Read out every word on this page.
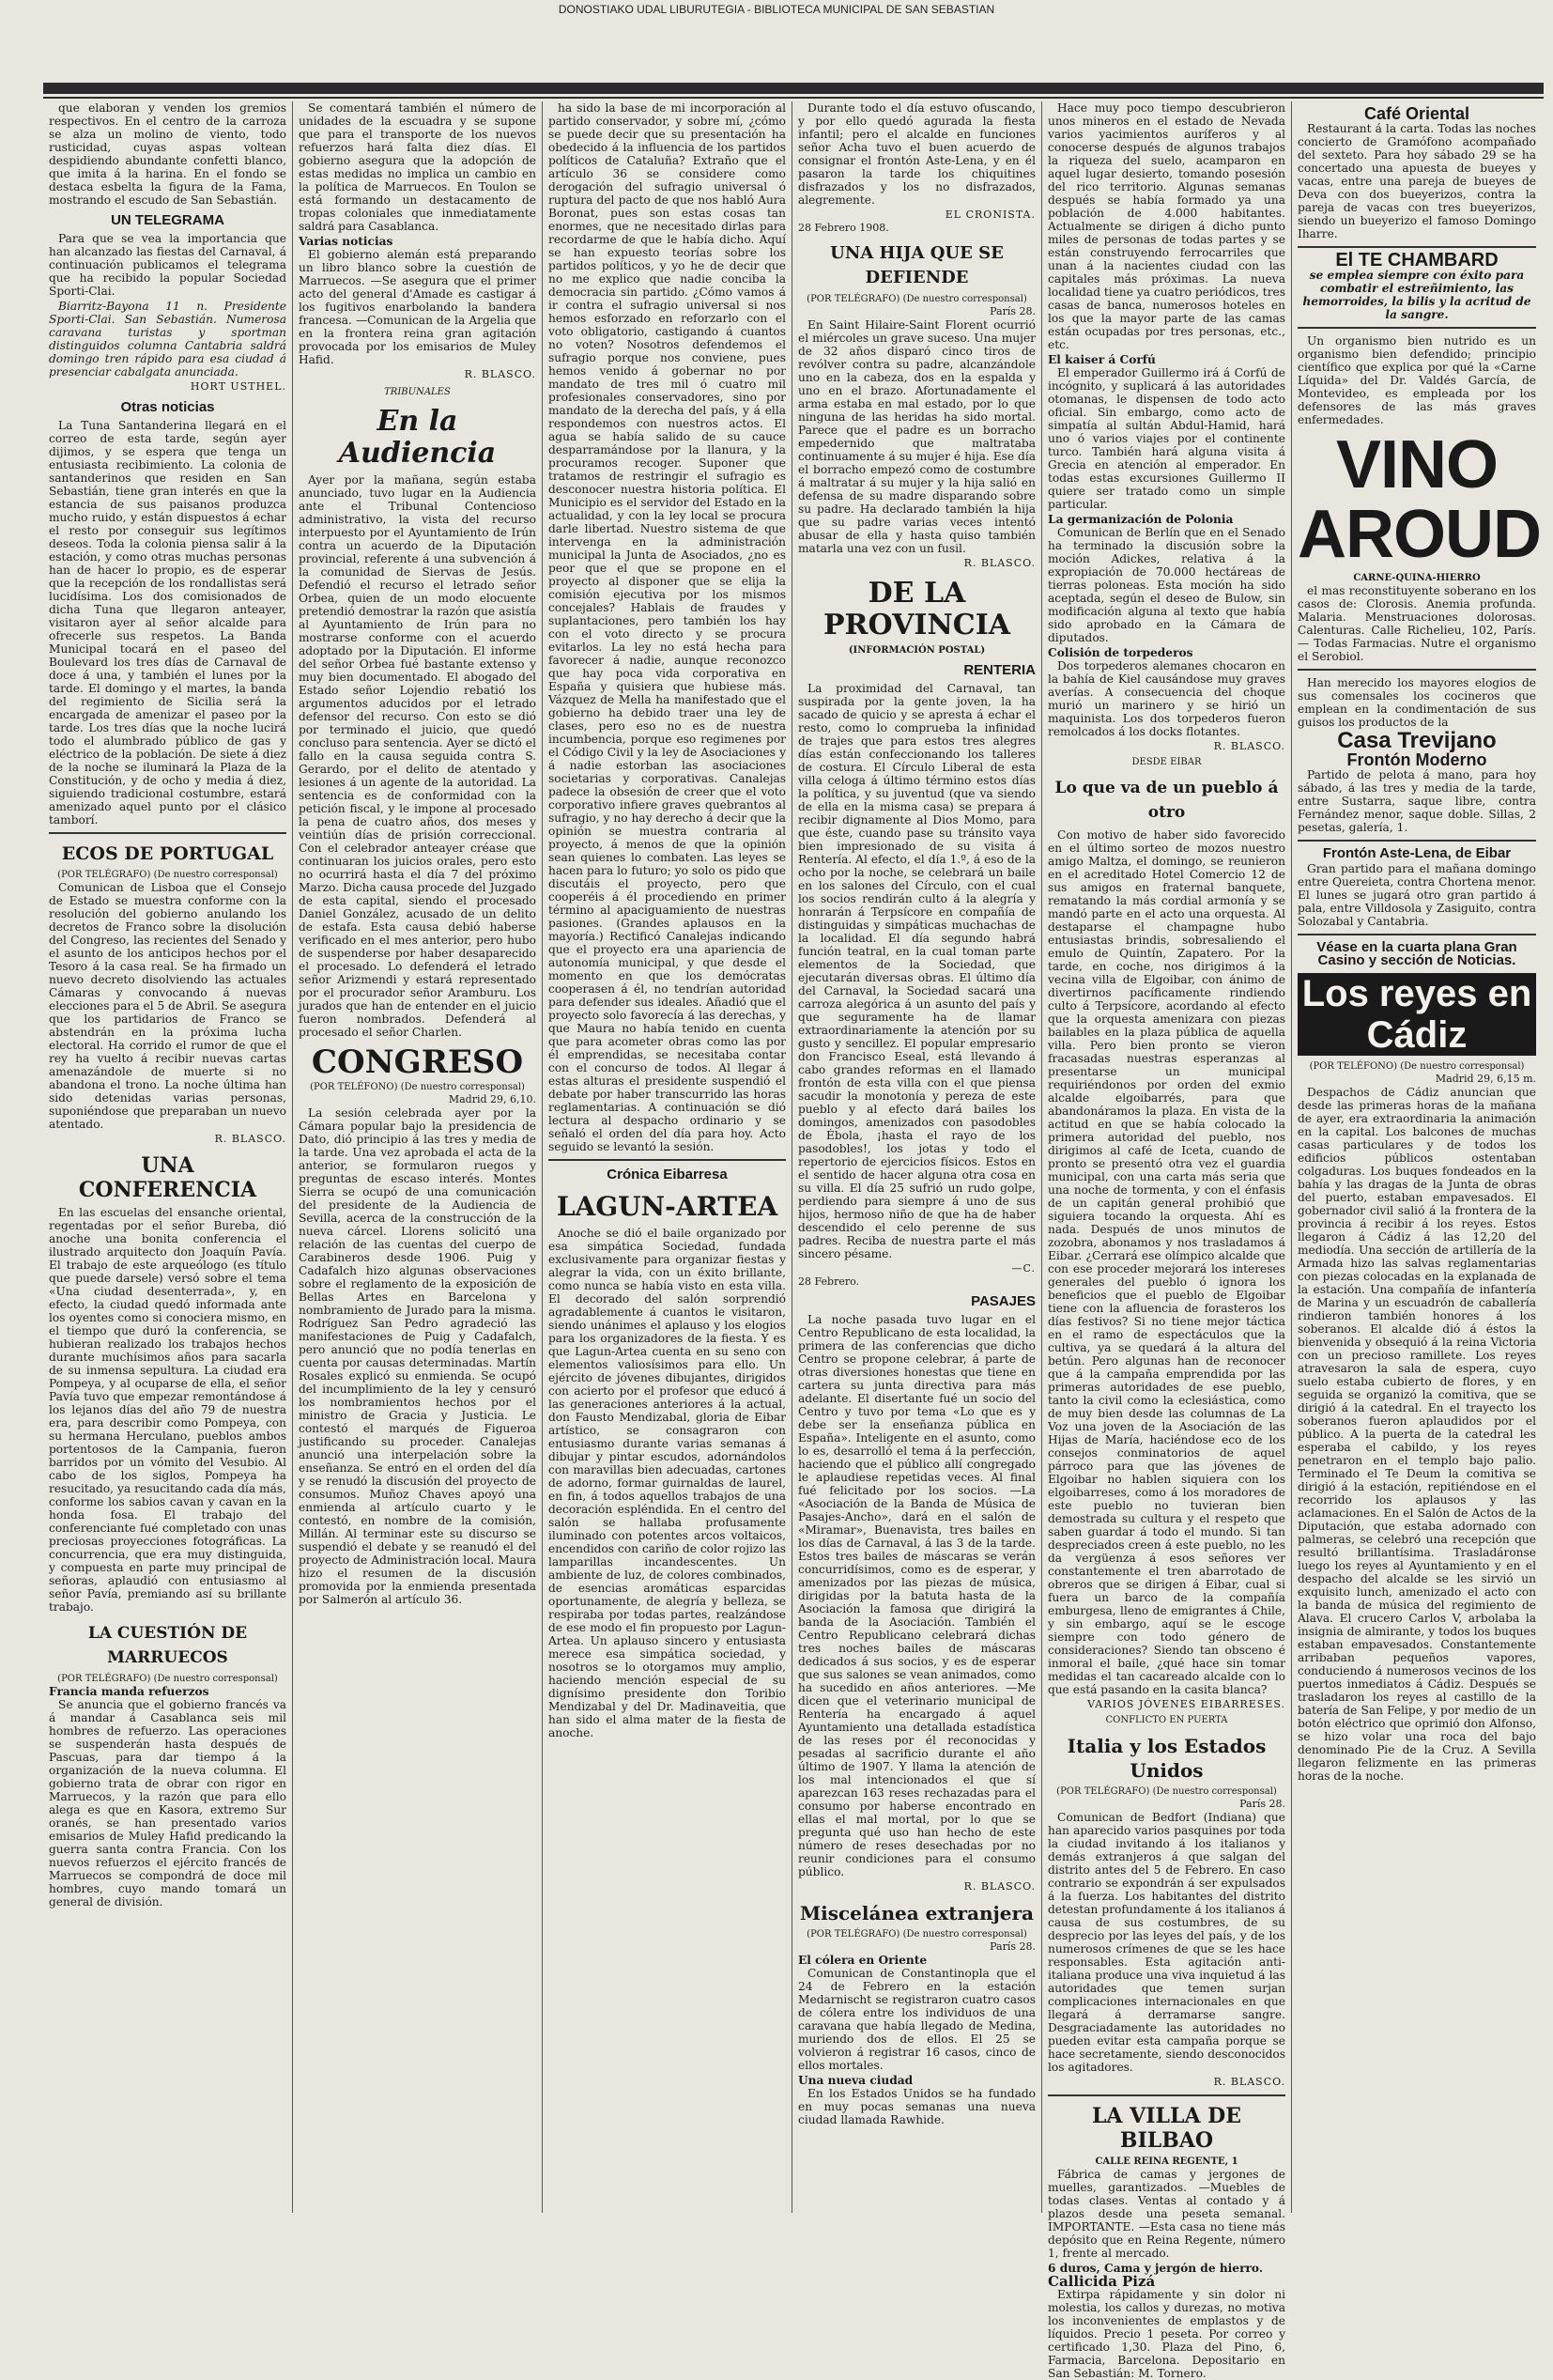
DONOSTIAKO UDAL LIBURUTEGIA - BIBLIOTECA MUNICIPAL DE SAN SEBASTIAN

que elaboran y venden los gremios respectivos. En el centro de la carroza se alza un molino de viento, todo rusticidad, cuyas aspas voltean despidiendo abundante confetti blanco, que imita á la harina. En el fondo se destaca esbelta la figura de la Fama, mostrando el escudo de San Sebastián.

UN TELEGRAMA

Para que se vea la importancia que han alcanzado las fiestas del Carnaval, á continuación publicamos el telegrama que ha recibido la popular Sociedad Sporti-Clai.

Biarritz-Bayona 11 n. Presidente Sporti-Clai. San Sebastián. Numerosa caravana turistas y sportman distinguidos columna Cantabria saldrá domingo tren rápido para esa ciudad á presenciar cabalgata anunciada.

HORT USTHEL.
Otras noticias

La Tuna Santanderina llegará en el correo de esta tarde, según ayer dijimos, y se espera que tenga un entusiasta recibimiento. La colonia de santanderinos que residen en San Sebastián, tiene gran interés en que la estancia de sus paisanos produzca mucho ruido, y están dispuestos á echar el resto por conseguir sus legítimos deseos. Toda la colonia piensa salir á la estación, y como otras muchas personas han de hacer lo propio, es de esperar que la recepción de los rondallistas será lucidísima. Los dos comisionados de dicha Tuna que llegaron anteayer, visitaron ayer al señor alcalde para ofrecerle sus respetos. La Banda Municipal tocará en el paseo del Boulevard los tres días de Carnaval de doce á una, y también el lunes por la tarde. El domingo y el martes, la banda del regimiento de Sicilia será la encargada de amenizar el paseo por la tarde. Los tres días que la noche lucirá todo el alumbrado público de gas y eléctrico de la población. De siete á diez de la noche se iluminará la Plaza de la Constitución, y de ocho y media á diez, siguiendo tradicional costumbre, estará amenizado aquel punto por el clásico tamborí.

ECOS DE PORTUGAL
(POR TELÉGRAFO) (De nuestro corresponsal)

Comunican de Lisboa que el Consejo de Estado se muestra conforme con la resolución del gobierno anulando los decretos de Franco sobre la disolución del Congreso, las recientes del Senado y el asunto de los anticipos hechos por el Tesoro á la casa real. Se ha firmado un nuevo decreto disolviendo las actuales Cámaras y convocando á nuevas elecciones para el 5 de Abril. Se asegura que los partidarios de Franco se abstendrán en la próxima lucha electoral. Ha corrido el rumor de que el rey ha vuelto á recibir nuevas cartas amenazándole de muerte si no abandona el trono. La noche última han sido detenidas varias personas, suponiéndose que preparaban un nuevo atentado.

R. BLASCO.
UNA CONFERENCIA

En las escuelas del ensanche oriental, regentadas por el señor Bureba, dió anoche una bonita conferencia el ilustrado arquitecto don Joaquín Pavía. El trabajo de este arqueólogo (es título que puede darsele) versó sobre el tema «Una ciudad desenterrada», y, en efecto, la ciudad quedó informada ante los oyentes como si conociera mismo, en el tiempo que duró la conferencia, se hubieran realizado los trabajos hechos durante muchísimos años para sacarla de su inmensa sepultura. La ciudad era Pompeya, y al ocuparse de ella, el señor Pavía tuvo que empezar remontándose á los lejanos días del año 79 de nuestra era, para describir como Pompeya, con su hermana Herculano, pueblos ambos portentosos de la Campania, fueron barridos por un vómito del Vesubio. Al cabo de los siglos, Pompeya ha resucitado, ya resucitando cada día más, conforme los sabios cavan y cavan en la honda fosa. El trabajo del conferenciante fué completado con unas preciosas proyecciones fotográficas. La concurrencia, que era muy distinguida, y compuesta en parte muy principal de señoras, aplaudió con entusiasmo al señor Pavía, premiando así su brillante trabajo.

LA CUESTIÓN DE MARRUECOS
(POR TELÉGRAFO) (De nuestro corresponsal)
Francia manda refuerzos

Se anuncia que el gobierno francés va á mandar á Casablanca seis mil hombres de refuerzo. Las operaciones se suspenderán hasta después de Pascuas, para dar tiempo á la organización de la nueva columna. El gobierno trata de obrar con rigor en Marruecos, y la razón que para ello alega es que en Kasora, extremo Sur oranés, se han presentado varios emisarios de Muley Hafid predicando la guerra santa contra Francia. Con los nuevos refuerzos el ejército francés de Marruecos se compondrá de doce mil hombres, cuyo mando tomará un general de división.

Se comentará también el número de unidades de la escuadra y se supone que para el transporte de los nuevos refuerzos hará falta diez días. El gobierno asegura que la adopción de estas medidas no implica un cambio en la política de Marruecos. En Toulon se está formando un destacamento de tropas coloniales que inmediatamente saldrá para Casablanca.

Varias noticias

El gobierno alemán está preparando un libro blanco sobre la cuestión de Marruecos. —Se asegura que el primer acto del general d'Amade es castigar á los fugitivos enarbolando la bandera francesa. —Comunican de la Argelia que en la frontera reina gran agitación provocada por los emisarios de Muley Hafid.

R. BLASCO.
TRIBUNALES
En la Audiencia

Ayer por la mañana, según estaba anunciado, tuvo lugar en la Audiencia ante el Tribunal Contencioso administrativo, la vista del recurso interpuesto por el Ayuntamiento de Irún contra un acuerdo de la Diputación provincial, referente á una subvención á la comunidad de Siervas de Jesús. Defendió el recurso el letrado señor Orbea, quien de un modo elocuente pretendió demostrar la razón que asistía al Ayuntamiento de Irún para no mostrarse conforme con el acuerdo adoptado por la Diputación. El informe del señor Orbea fué bastante extenso y muy bien documentado. El abogado del Estado señor Lojendio rebatió los argumentos aducidos por el letrado defensor del recurso. Con esto se dió por terminado el juicio, que quedó concluso para sentencia. Ayer se dictó el fallo en la causa seguida contra S. Gerardo, por el delito de atentado y lesiones á un agente de la autoridad. La sentencia es de conformidad con la petición fiscal, y le impone al procesado la pena de cuatro años, dos meses y veintiún días de prisión correccional. Con el celebrador anteayer créase que continuaran los juicios orales, pero esto no ocurrirá hasta el día 7 del próximo Marzo. Dicha causa procede del Juzgado de esta capital, siendo el procesado Daniel González, acusado de un delito de estafa. Esta causa debió haberse verificado en el mes anterior, pero hubo de suspenderse por haber desaparecido el procesado. Lo defenderá el letrado señor Arizmendi y estará representado por el procurador señor Aramburu. Los jurados que han de entender en el juicio fueron nombrados. Defenderá al procesado el señor Charlen.

CONGRESO
(POR TELÉFONO) (De nuestro corresponsal)
Madrid 29, 6,10.

La sesión celebrada ayer por la Cámara popular bajo la presidencia de Dato, dió principio á las tres y media de la tarde. Una vez aprobada el acta de la anterior, se formularon ruegos y preguntas de escaso interés. Montes Sierra se ocupó de una comunicación del presidente de la Audiencia de Sevilla, acerca de la construcción de la nueva cárcel. Llorens solicitó una relación de las cuentas del cuerpo de Carabineros desde 1906. Puig y Cadafalch hizo algunas observaciones sobre el reglamento de la exposición de Bellas Artes en Barcelona y nombramiento de Jurado para la misma. Rodríguez San Pedro agradeció las manifestaciones de Puig y Cadafalch, pero anunció que no podía tenerlas en cuenta por causas determinadas. Martín Rosales explicó su enmienda. Se ocupó del incumplimiento de la ley y censuró los nombramientos hechos por el ministro de Gracia y Justicia. Le contestó el marqués de Figueroa justificando su proceder. Canalejas anunció una interpelación sobre la enseñanza. Se entró en el orden del día y se renudó la discusión del proyecto de consumos. Muñoz Chaves apoyó una enmienda al artículo cuarto y le contestó, en nombre de la comisión, Millán. Al terminar este su discurso se suspendió el debate y se reanudó el del proyecto de Administración local. Maura hizo el resumen de la discusión promovida por la enmienda presentada por Salmerón al artículo 36.

ha sido la base de mi incorporación al partido conservador, y sobre mí, ¿cómo se puede decir que su presentación ha obedecido á la influencia de los partidos políticos de Cataluña? Extraño que el artículo 36 se considere como derogación del sufragio universal ó ruptura del pacto de que nos habló Aura Boronat, pues son estas cosas tan enormes, que ne necesitado dirlas para recordarme de que le había dicho. Aquí se han expuesto teorías sobre los partidos políticos, y yo he de decir que no me explico que nadie conciba la democracia sin partido. ¿Cómo vamos á ir contra el sufragio universal si nos hemos esforzado en reforzarlo con el voto obligatorio, castigando á cuantos no voten? Nosotros defendemos el sufragio porque nos conviene, pues hemos venido á gobernar no por mandato de tres mil ó cuatro mil profesionales conservadores, sino por mandato de la derecha del país, y á ella respondemos con nuestros actos. El agua se había salido de su cauce desparramándose por la llanura, y la procuramos recoger. Suponer que tratamos de restringir el sufragio es desconocer nuestra historia política. El Municipio es el servidor del Estado en la actualidad, y con la ley local se procura darle libertad. Nuestro sistema de que intervenga en la administración municipal la Junta de Asociados, ¿no es peor que el que se propone en el proyecto al disponer que se elija la comisión ejecutiva por los mismos concejales? Hablais de fraudes y suplantaciones, pero también los hay con el voto directo y se procura evitarlos. La ley no está hecha para favorecer á nadie, aunque reconozco que hay poca vida corporativa en España y quisiera que hubiese más. Vázquez de Mella ha manifestado que el gobierno ha debido traer una ley de clases, pero eso no es de nuestra incumbencia, porque eso regimenes por el Código Civil y la ley de Asociaciones y á nadie estorban las asociaciones societarias y corporativas. Canalejas padece la obsesión de creer que el voto corporativo infiere graves quebrantos al sufragio, y no hay derecho á decir que la opinión se muestra contraria al proyecto, á menos de que la opinión sean quienes lo combaten. Las leyes se hacen para lo futuro; yo solo os pido que discutáis el proyecto, pero que cooperéis á él procediendo en primer término al apaciguamiento de nuestras pasiones. (Grandes aplausos en la mayoría.) Rectificó Canalejas indicando que el proyecto era una apariencia de autonomía municipal, y que desde el momento en que los demócratas cooperasen á él, no tendrían autoridad para defender sus ideales. Añadió que el proyecto solo favorecía á las derechas, y que Maura no había tenido en cuenta que para acometer obras como las por él emprendidas, se necesitaba contar con el concurso de todos. Al llegar á estas alturas el presidente suspendió el debate por haber transcurrido las horas reglamentarias. A continuación se dió lectura al despacho ordinario y se señaló el orden del día para hoy. Acto seguido se levantó la sesión.

Crónica Eibarresa
LAGUN-ARTEA

Anoche se dió el baile organizado por esa simpática Sociedad, fundada exclusivamente para organizar fiestas y alegrar la vida, con un éxito brillante, como nunca se había visto en esta villa. El decorado del salón sorprendió agradablemente á cuantos le visitaron, siendo unánimes el aplauso y los elogios para los organizadores de la fiesta. Y es que Lagun-Artea cuenta en su seno con elementos valiosísimos para ello. Un ejército de jóvenes dibujantes, dirigidos con acierto por el profesor que educó á las generaciones anteriores á la actual, don Fausto Mendizabal, gloria de Eibar artístico, se consagraron con entusiasmo durante varias semanas á dibujar y pintar escudos, adornándolos con maravillas bien adecuadas, cartones de adorno, formar guirnaldas de laurel, en fin, á todos aquellos trabajos de una decoración espléndida. En el centro del salón se hallaba profusamente iluminado con potentes arcos voltaicos, encendidos con cariño de color rojizo las lamparillas incandescentes. Un ambiente de luz, de colores combinados, de esencias aromáticas esparcidas oportunamente, de alegría y belleza, se respiraba por todas partes, realzándose de ese modo el fin propuesto por Lagun-Artea. Un aplauso sincero y entusiasta merece esa simpática sociedad, y nosotros se lo otorgamos muy amplio, haciendo mención especial de su dignísimo presidente don Toribio Mendizabal y del Dr. Madinaveitia, que han sido el alma mater de la fiesta de anoche.

Durante todo el día estuvo ofuscando, y por ello quedó agurada la fiesta infantil; pero el alcalde en funciones señor Acha tuvo el buen acuerdo de consignar el frontón Aste-Lena, y en él pasaron la tarde los chiquitines disfrazados y los no disfrazados, alegremente.

EL CRONISTA.
28 Febrero 1908.
UNA HIJA QUE SE DEFIENDE
(POR TELÉGRAFO) (De nuestro corresponsal)
París 28.

En Saint Hilaire-Saint Florent ocurrió el miércoles un grave suceso. Una mujer de 32 años disparó cinco tiros de revólver contra su padre, alcanzándole uno en la cabeza, dos en la espalda y uno en el brazo. Afortunadamente el arma estaba en mal estado, por lo que ninguna de las heridas ha sido mortal. Parece que el padre es un borracho empedernido que maltrataba continuamente á su mujer é hija. Ese día el borracho empezó como de costumbre á maltratar á su mujer y la hija salió en defensa de su madre disparando sobre su padre. Ha declarado también la hija que su padre varias veces intentó abusar de ella y hasta quiso también matarla una vez con un fusil.

R. BLASCO.
DE LA PROVINCIA
(INFORMACIÓN POSTAL)
RENTERIA

La proximidad del Carnaval, tan suspirada por la gente joven, la ha sacado de quicio y se apresta á echar el resto, como lo comprueba la infinidad de trajes que para estos tres alegres días están confeccionando los talleres de costura. El Círculo Liberal de esta villa celoga á último término estos días la política, y su juventud (que va siendo de ella en la misma casa) se prepara á recibir dignamente al Dios Momo, para que éste, cuando pase su tránsito vaya bien impresionado de su visita á Rentería. Al efecto, el día 1.º, á eso de la ocho por la noche, se celebrará un baile en los salones del Círculo, con el cual los socios rendirán culto á la alegría y honrarán á Terpsícore en compañía de distinguidas y simpáticas muchachas de la localidad. El día segundo habrá función teatral, en la cual toman parte elementos de la Sociedad, que ejecutarán diversas obras. El último día del Carnaval, la Sociedad sacará una carroza alegórica á un asunto del país y que seguramente ha de llamar extraordinariamente la atención por su gusto y sencillez. El popular empresario don Francisco Eseal, está llevando á cabo grandes reformas en el llamado frontón de esta villa con el que piensa sacudir la monotonía y pereza de este pueblo y al efecto dará bailes los domingos, amenizados con pasodobles de Ébola, ¡hasta el rayo de los pasodobles!, los jotas y todo el repertorio de ejercicios físicos. Estos en el sentido de hacer alguna otra cosa en su villa. El día 25 sufrió un rudo golpe, perdiendo para siempre á uno de sus hijos, hermoso niño de que ha de haber descendido el celo perenne de sus padres. Reciba de nuestra parte el más sincero pésame.

—C.
28 Febrero.
PASAJES

La noche pasada tuvo lugar en el Centro Republicano de esta localidad, la primera de las conferencias que dicho Centro se propone celebrar, á parte de otras diversiones honestas que tiene en cartera su junta directiva para más adelante. El disertante fué un socio del Centro y tuvo por tema «Lo que es y debe ser la enseñanza pública en España». Inteligente en el asunto, como lo es, desarrolló el tema á la perfección, haciendo que el público allí congregado le aplaudiese repetidas veces. Al final fué felicitado por los socios. —La «Asociación de la Banda de Música de Pasajes-Ancho», dará en el salón de «Miramar», Buenavista, tres bailes en los días de Carnaval, á las 3 de la tarde. Estos tres bailes de máscaras se verán concurridísimos, como es de esperar, y amenizados por las piezas de música, dirigidas por la batuta hasta de la Asociación la famosa que dirigirá la banda de la Asociación. También el Centro Republicano celebrará dichas tres noches bailes de máscaras dedicados á sus socios, y es de esperar que sus salones se vean animados, como ha sucedido en años anteriores. —Me dicen que el veterinario municipal de Rentería ha encargado á aquel Ayuntamiento una detallada estadística de las reses por él reconocidas y pesadas al sacrificio durante el año último de 1907. Y llama la atención de los mal intencionados el que sí aparezcan 163 reses rechazadas para el consumo por haberse encontrado en ellas el mal mortal, por lo que se pregunta qué uso han hecho de este número de reses desechadas por no reunir condiciones para el consumo público.

R. BLASCO.
Miscelánea extranjera
(POR TELÉGRAFO) (De nuestro corresponsal)
París 28.
El cólera en Oriente

Comunican de Constantinopla que el 24 de Febrero en la estación Medarnischt se registraron cuatro casos de cólera entre los individuos de una caravana que había llegado de Medina, muriendo dos de ellos. El 25 se volvieron á registrar 16 casos, cinco de ellos mortales.

Una nueva ciudad

En los Estados Unidos se ha fundado en muy pocas semanas una nueva ciudad llamada Rawhide.

Hace muy poco tiempo descubrieron unos mineros en el estado de Nevada varios yacimientos auríferos y al conocerse después de algunos trabajos la riqueza del suelo, acamparon en aquel lugar desierto, tomando posesión del rico territorio. Algunas semanas después se había formado ya una población de 4.000 habitantes. Actualmente se dirigen á dicho punto miles de personas de todas partes y se están construyendo ferrocarriles que unan á la nacientes ciudad con las capitales más próximas. La nueva localidad tiene ya cuatro periódicos, tres casas de banca, numerosos hoteles en los que la mayor parte de las camas están ocupadas por tres personas, etc., etc.

El kaiser á Corfú

El emperador Guillermo irá á Corfú de incógnito, y suplicará á las autoridades otomanas, le dispensen de todo acto oficial. Sin embargo, como acto de simpatía al sultán Abdul-Hamid, hará uno ó varios viajes por el continente turco. También hará alguna visita á Grecia en atención al emperador. En todas estas excursiones Guillermo II quiere ser tratado como un simple particular.

La germanización de Polonia

Comunican de Berlín que en el Senado ha terminado la discusión sobre la moción Adickes, relativa á la expropiación de 70.000 hectáreas de tierras poloneas. Esta moción ha sido aceptada, según el deseo de Bulow, sin modificación alguna al texto que había sido aprobado en la Cámara de diputados.

Colisión de torpederos

Dos torpederos alemanes chocaron en la bahía de Kiel causándose muy graves averías. A consecuencia del choque murió un marinero y se hirió un maquinista. Los dos torpederos fueron remolcados á los docks flotantes.

R. BLASCO.
DESDE EIBAR
Lo que va de un pueblo á otro

Con motivo de haber sido favorecido en el último sorteo de mozos nuestro amigo Maltza, el domingo, se reunieron en el acreditado Hotel Comercio 12 de sus amigos en fraternal banquete, rematando la más cordial armonía y se mandó parte en el acto una orquesta. Al destaparse el champagne hubo entusiastas brindis, sobresaliendo el emulo de Quintín, Zapatero. Por la tarde, en coche, nos dirigimos á la vecina villa de Elgoibar, con ánimo de divertirnos pacíficamente rindiendo culto á Terpsícore, acordando al efecto que la orquesta amenizara con piezas bailables en la plaza pública de aquella villa. Pero bien pronto se vieron fracasadas nuestras esperanzas al presentarse un municipal requiriéndonos por orden del exmio alcalde elgoibarrés, para que abandonáramos la plaza. En vista de la actitud en que se había colocado la primera autoridad del pueblo, nos dirigimos al café de Iceta, cuando de pronto se presentó otra vez el guardia municipal, con una carta más seria que una noche de tormenta, y con el énfasis de un capitán general prohibió que siguiera tocando la orquesta. Ahí es nada. Después de unos minutos de zozobra, abonamos y nos trasladamos á Eibar. ¿Cerrará ese olímpico alcalde que con ese proceder mejorará los intereses generales del pueblo ó ignora los beneficios que el pueblo de Elgoibar tiene con la afluencia de forasteros los días festivos? Si no tiene mejor táctica en el ramo de espectáculos que la cultiva, ya se quedará á la altura del betún. Pero algunas han de reconocer que á la campaña emprendida por las primeras autoridades de ese pueblo, tanto la civil como la eclesiástica, como de muy bien desde las columnas de La Voz una joven de la Asociación de las Hijas de María, haciéndose eco de los consejos conminatorios de aquel párroco para que las jóvenes de Elgoibar no hablen siquiera con los elgoibarreses, como á los moradores de este pueblo no tuvieran bien demostrada su cultura y el respeto que saben guardar á todo el mundo. Si tan despreciados creen á este pueblo, no les da vergüenza á esos señores ver constantemente el tren abarrotado de obreros que se dirigen á Eibar, cual si fuera un barco de la compañía emburgesa, lleno de emigrantes á Chile, y sin embargo, aquí se le escoge siempre con todo género de consideraciones? Siendo tan obsceno é inmoral el baile, ¿qué hace sin tomar medidas el tan cacareado alcalde con lo que está pasando en la casita blanca?

VARIOS JÓVENES EIBARRESES.
CONFLICTO EN PUERTA
Italia y los Estados Unidos
(POR TELÉGRAFO) (De nuestro corresponsal)
París 28.

Comunican de Bedfort (Indiana) que han aparecido varios pasquines por toda la ciudad invitando á los italianos y demás extranjeros á que salgan del distrito antes del 5 de Febrero. En caso contrario se expondrán á ser expulsados á la fuerza. Los habitantes del distrito detestan profundamente á los italianos á causa de sus costumbres, de su desprecio por las leyes del país, y de los numerosos crímenes de que se les hace responsables. Esta agitación anti-italiana produce una viva inquietud á las autoridades que temen surjan complicaciones internacionales en que llegará á derramarse sangre. Desgraciadamente las autoridades no pueden evitar esta campaña porque se hace secretamente, siendo desconocidos los agitadores.

R. BLASCO.
LA VILLA DE BILBAO
CALLE REINA REGENTE, 1

Fábrica de camas y jergones de muelles, garantizados. —Muebles de todas clases. Ventas al contado y á plazos desde una peseta semanal. IMPORTANTE. —Esta casa no tiene más depósito que en Reina Regente, número 1, frente al mercado.

6 duros, Cama y jergón de hierro.
Callicida Pizá

Extirpa rápidamente y sin dolor ni molestia, los callos y durezas, no motiva los inconvenientes de emplastos y de líquidos. Precio 1 peseta. Por correo y certificado 1,30. Plaza del Pino, 6, Farmacia, Barcelona. Depositario en San Sebastián: M. Tornero.

Café Oriental

Restaurant á la carta. Todas las noches concierto de Gramófono acompañado del sexteto. Para hoy sábado 29 se ha concertado una apuesta de bueyes y vacas, entre una pareja de bueyes de Deva con dos bueyerizos, contra la pareja de vacas con tres bueyerizos, siendo un bueyerizo el famoso Domingo Iharre.

El TE CHAMBARD

se emplea siempre con éxito para combatir el estreñimiento, las hemorroides, la bilis y la acritud de la sangre.

Un organismo bien nutrido es un organismo bien defendido; principio científico que explica por qué la «Carne Líquida» del Dr. Valdés García, de Montevideo, es empleada por los defensores de las más graves enfermedades.

VINO AROUD
CARNE-QUINA-HIERRO

el mas reconstituyente soberano en los casos de: Clorosis. Anemia profunda. Malaria. Menstruaciones dolorosas. Calenturas. Calle Richelieu, 102, París. — Todas Farmacias. Nutre el organismo el Serobiol.

Han merecido los mayores elogios de sus comensales los cocineros que emplean en la condimentación de sus guisos los productos de la

Casa Trevijano
Frontón Moderno

Partido de pelota á mano, para hoy sábado, á las tres y media de la tarde, entre Sustarra, saque libre, contra Fernández menor, saque doble. Sillas, 2 pesetas, galería, 1.

Frontón Aste-Lena, de Eibar

Gran partido para el mañana domingo entre Quereieta, contra Chortena menor. El lunes se jugará otro gran partido á pala, entre Villdosola y Zasiguito, contra Solozabal y Cantabria.

Véase en la cuarta plana Gran Casino y sección de Noticias.
Los reyes en Cádiz
(POR TELÉFONO) (De nuestro corresponsal)
Madrid 29, 6,15 m.

Despachos de Cádiz anuncian que desde las primeras horas de la mañana de ayer, era extraordinaria la animación en la capital. Los balcones de muchas casas particulares y de todos los edificios públicos ostentaban colgaduras. Los buques fondeados en la bahía y las dragas de la Junta de obras del puerto, estaban empavesados. El gobernador civil salió á la frontera de la provincia á recibir á los reyes. Estos llegaron á Cádiz á las 12,20 del mediodía. Una sección de artillería de la Armada hizo las salvas reglamentarias con piezas colocadas en la explanada de la estación. Una compañía de infantería de Marina y un escuadrón de caballería rindieron también honores á los soberanos. El alcalde dió á éstos la bienvenida y obsequió á la reina Victoria con un precioso ramillete. Los reyes atravesaron la sala de espera, cuyo suelo estaba cubierto de flores, y en seguida se organizó la comitiva, que se dirigió á la catedral. En el trayecto los soberanos fueron aplaudidos por el público. A la puerta de la catedral les esperaba el cabildo, y los reyes penetraron en el templo bajo palio. Terminado el Te Deum la comitiva se dirigió á la estación, repitiéndose en el recorrido los aplausos y las aclamaciones. En el Salón de Actos de la Diputación, que estaba adornado con palmeras, se celebró una recepción que resultó brillantísima. Trasladáronse luego los reyes al Ayuntamiento y en el despacho del alcalde se les sirvió un exquisito lunch, amenizado el acto con la banda de música del regimiento de Alava. El crucero Carlos V, arbolaba la insignia de almirante, y todos los buques estaban empavesados. Constantemente arribaban pequeños vapores, conduciendo á numerosos vecinos de los puertos inmediatos á Cádiz. Después se trasladaron los reyes al castillo de la batería de San Felipe, y por medio de un botón eléctrico que oprimió don Alfonso, se hizo volar una roca del bajo denominado Pie de la Cruz. A Sevilla llegaron felizmente en las primeras horas de la noche.
